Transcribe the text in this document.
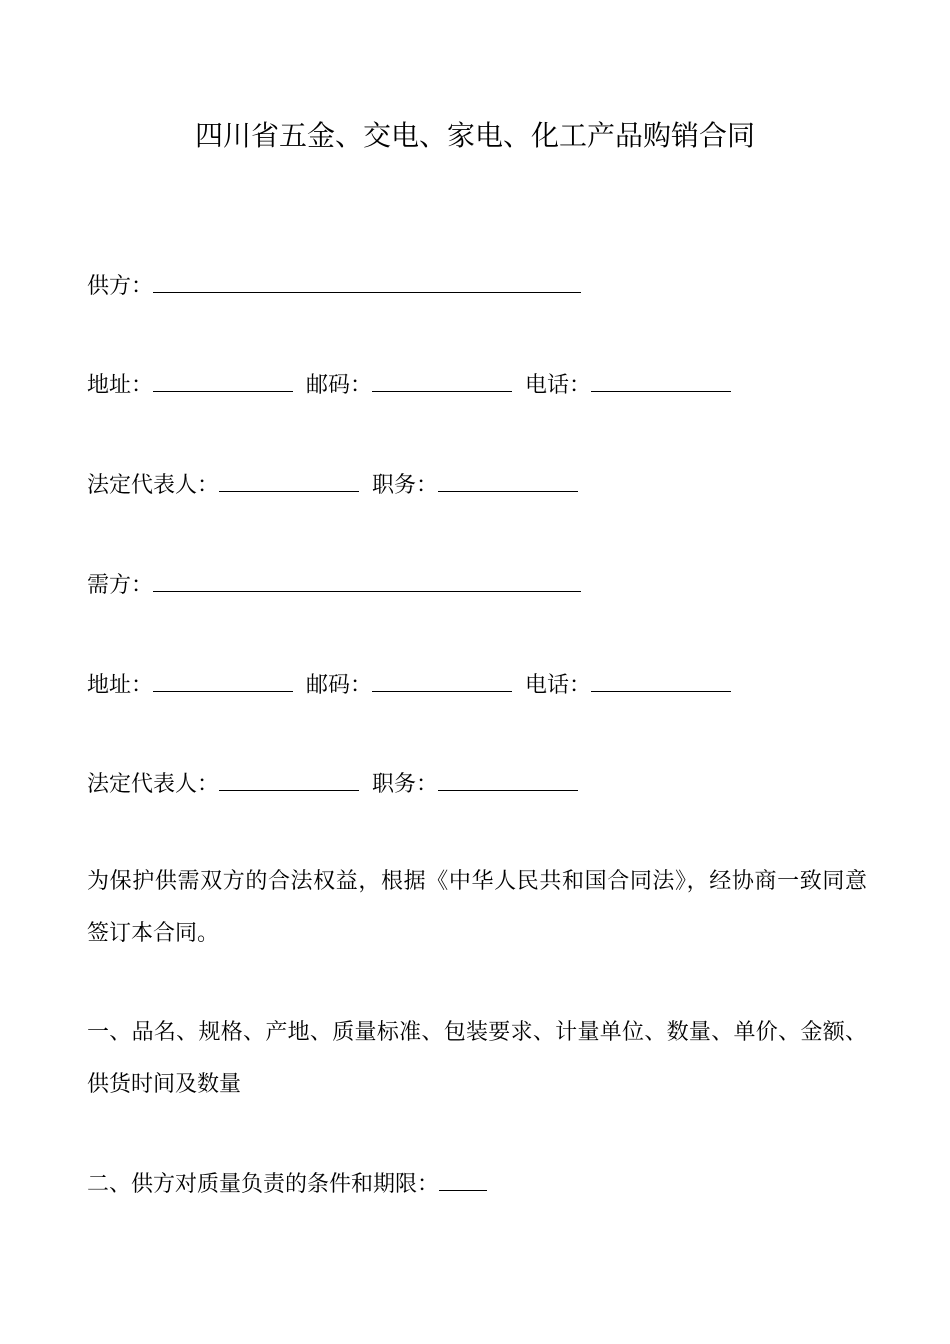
四川省五金、交电、家电、化工产品购销合同
供方：
地址：	邮码：	电话：
法定代表人：	职务：
需方：
地址：	邮码：	电话：
法定代表人：	职务：
为保护供需双方的合法权益，根据《中华人民共和国合同法》，经协商一致同意签订本合同。
一、品名、规格、产地、质量标准、包装要求、计量单位、数量、单价、金额、供货时间及数量
二、供方对质量负责的条件和期限：
